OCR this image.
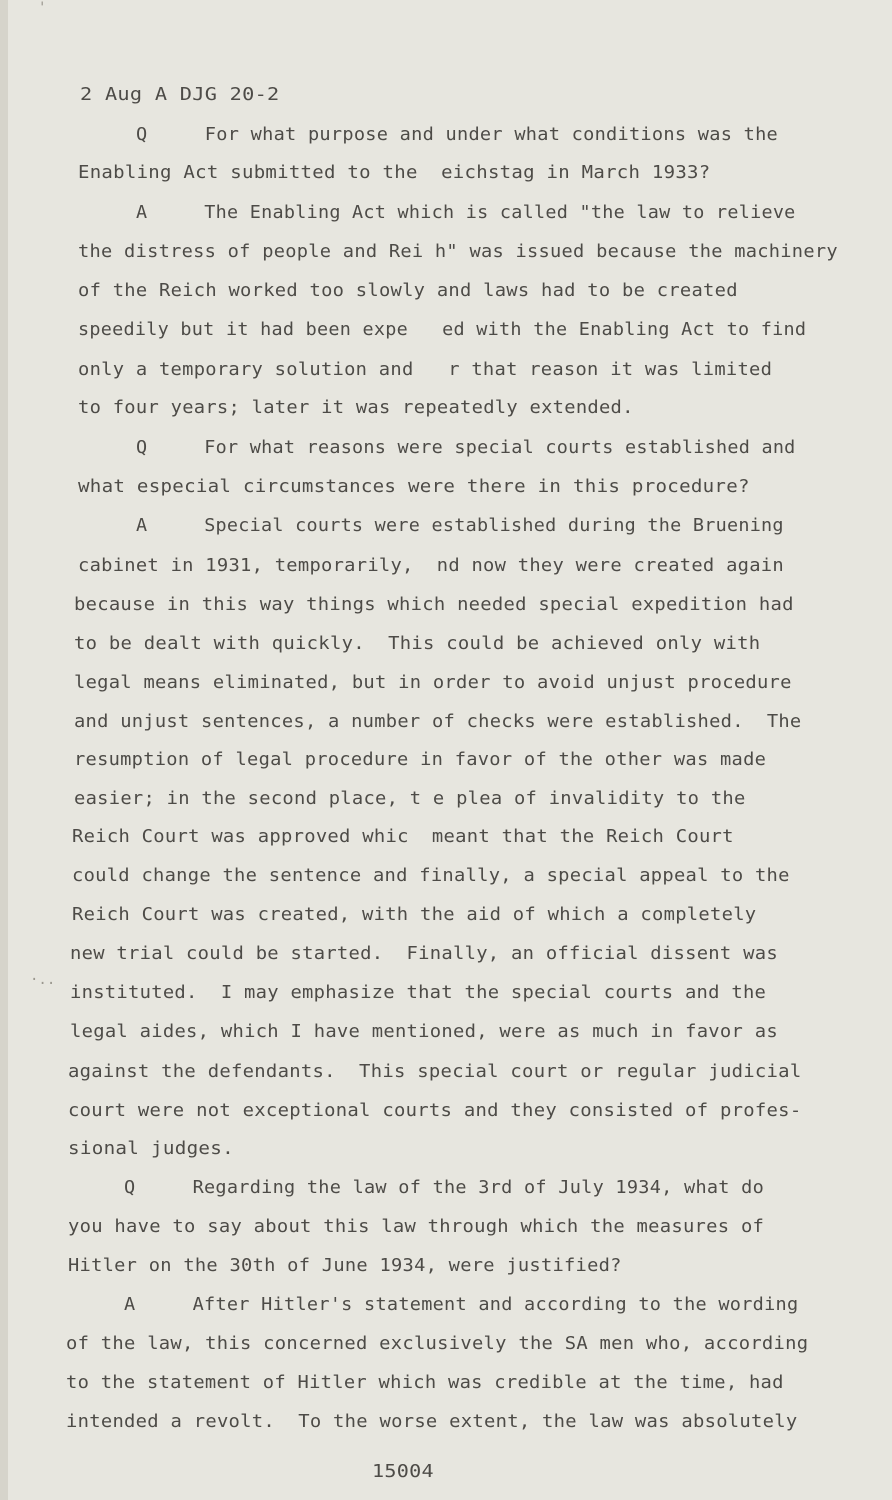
'
·..
2 Aug A DJG 20-2
Q     For what purpose and under what conditions was the
Enabling Act submitted to the  eichstag in March 1933?
A     The Enabling Act which is called "the law to relieve
the distress of people and Rei h" was issued because the machinery
of the Reich worked too slowly and laws had to be created
speedily but it had been expe   ed with the Enabling Act to find
only a temporary solution and   r that reason it was limited
to four years; later it was repeatedly extended.
Q     For what reasons were special courts established and
what especial circumstances were there in this procedure?
A     Special courts were established during the Bruening
cabinet in 1931, temporarily,  nd now they were created again
because in this way things which needed special expedition had
to be dealt with quickly.  This could be achieved only with
legal means eliminated, but in order to avoid unjust procedure
and unjust sentences, a number of checks were established.  The
resumption of legal procedure in favor of the other was made
easier; in the second place, t e plea of invalidity to the
Reich Court was approved whic  meant that the Reich Court
could change the sentence and finally, a special appeal to the
Reich Court was created, with the aid of which a completely
new trial could be started.  Finally, an official dissent was
instituted.  I may emphasize that the special courts and the
legal aides, which I have mentioned, were as much in favor as
against the defendants.  This special court or regular judicial
court were not exceptional courts and they consisted of profes-
sional judges.
Q     Regarding the law of the 3rd of July 1934, what do
you have to say about this law through which the measures of
Hitler on the 30th of June 1934, were justified?
A     After Hitler's statement and according to the wording
of the law, this concerned exclusively the SA men who, according
to the statement of Hitler which was credible at the time, had
intended a revolt.  To the worse extent, the law was absolutely
15004
